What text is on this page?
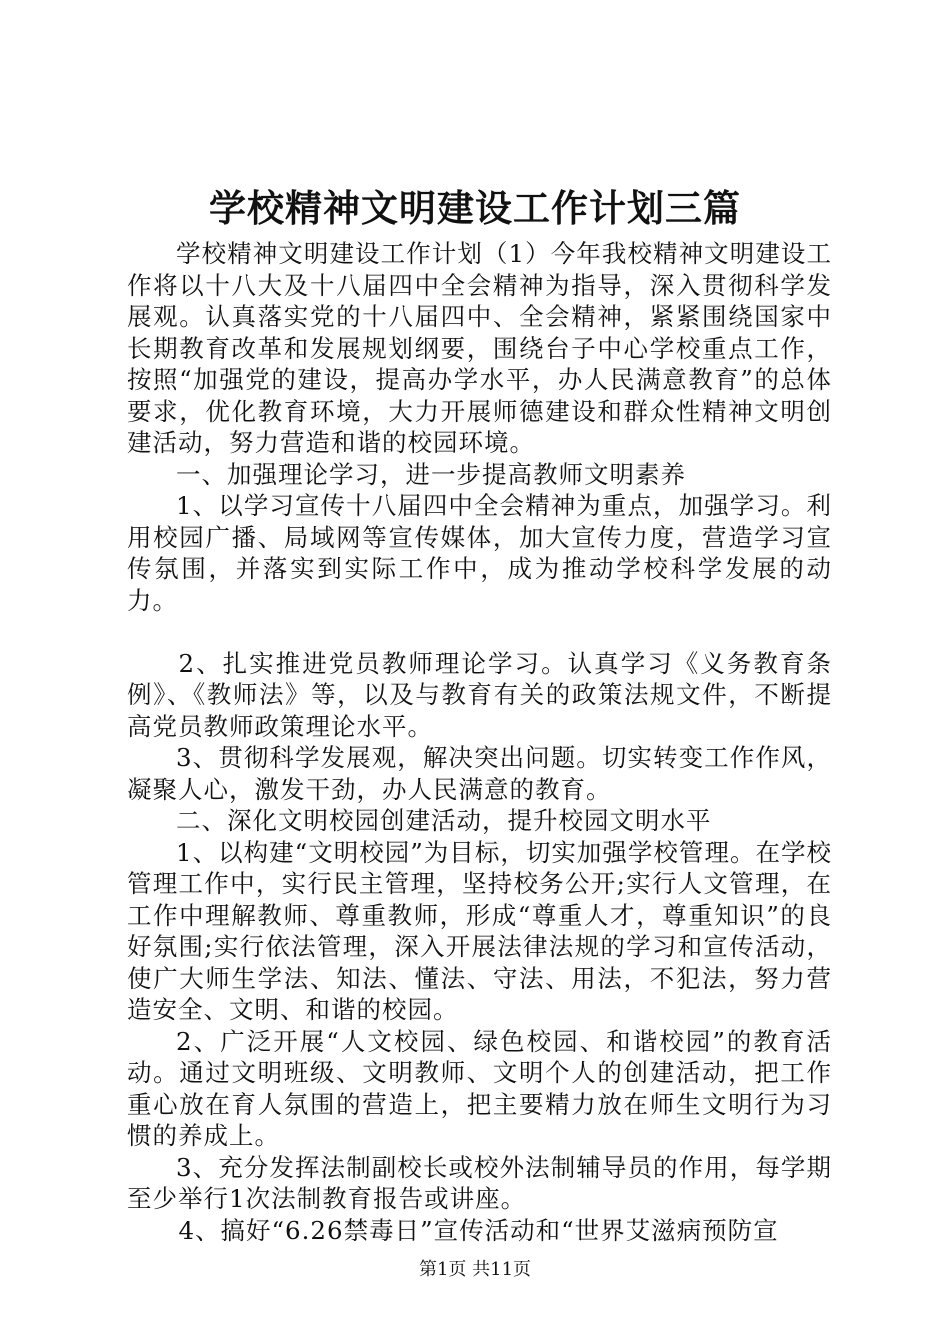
学校精神文明建设工作计划三篇

学校精神文明建设工作计划（1）今年我校精神文明建设工作将以十八大及十八届四中全会精神为指导，深入贯彻科学发展观。认真落实党的十八届四中、全会精神，紧紧围绕国家中长期教育改革和发展规划纲要，围绕台子中心学校重点工作，按照“加强党的建设，提高办学水平，办人民满意教育”的总体要求，优化教育环境，大力开展师德建设和群众性精神文明创建活动，努力营造和谐的校园环境。

一、加强理论学习，进一步提高教师文明素养

1、以学习宣传十八届四中全会精神为重点，加强学习。利用校园广播、局域网等宣传媒体，加大宣传力度，营造学习宣传氛围，并落实到实际工作中，成为推动学校科学发展的动力。

2、扎实推进党员教师理论学习。认真学习《义务教育条例》、《教师法》等，以及与教育有关的政策法规文件，不断提高党员教师政策理论水平。

3、贯彻科学发展观，解决突出问题。切实转变工作作风，凝聚人心，激发干劲，办人民满意的教育。

二、深化文明校园创建活动，提升校园文明水平

1、以构建“文明校园”为目标，切实加强学校管理。在学校管理工作中，实行民主管理，坚持校务公开;实行人文管理，在工作中理解教师、尊重教师，形成“尊重人才，尊重知识”的良好氛围;实行依法管理，深入开展法律法规的学习和宣传活动，使广大师生学法、知法、懂法、守法、用法，不犯法，努力营造安全、文明、和谐的校园。

2、广泛开展“人文校园、绿色校园、和谐校园”的教育活动。通过文明班级、文明教师、文明个人的创建活动，把工作重心放在育人氛围的营造上，把主要精力放在师生文明行为习惯的养成上。

3、充分发挥法制副校长或校外法制辅导员的作用，每学期至少举行1次法制教育报告或讲座。

4、搞好“6.26禁毒日”宣传活动和“世界艾滋病预防宣

第1页 共11页
